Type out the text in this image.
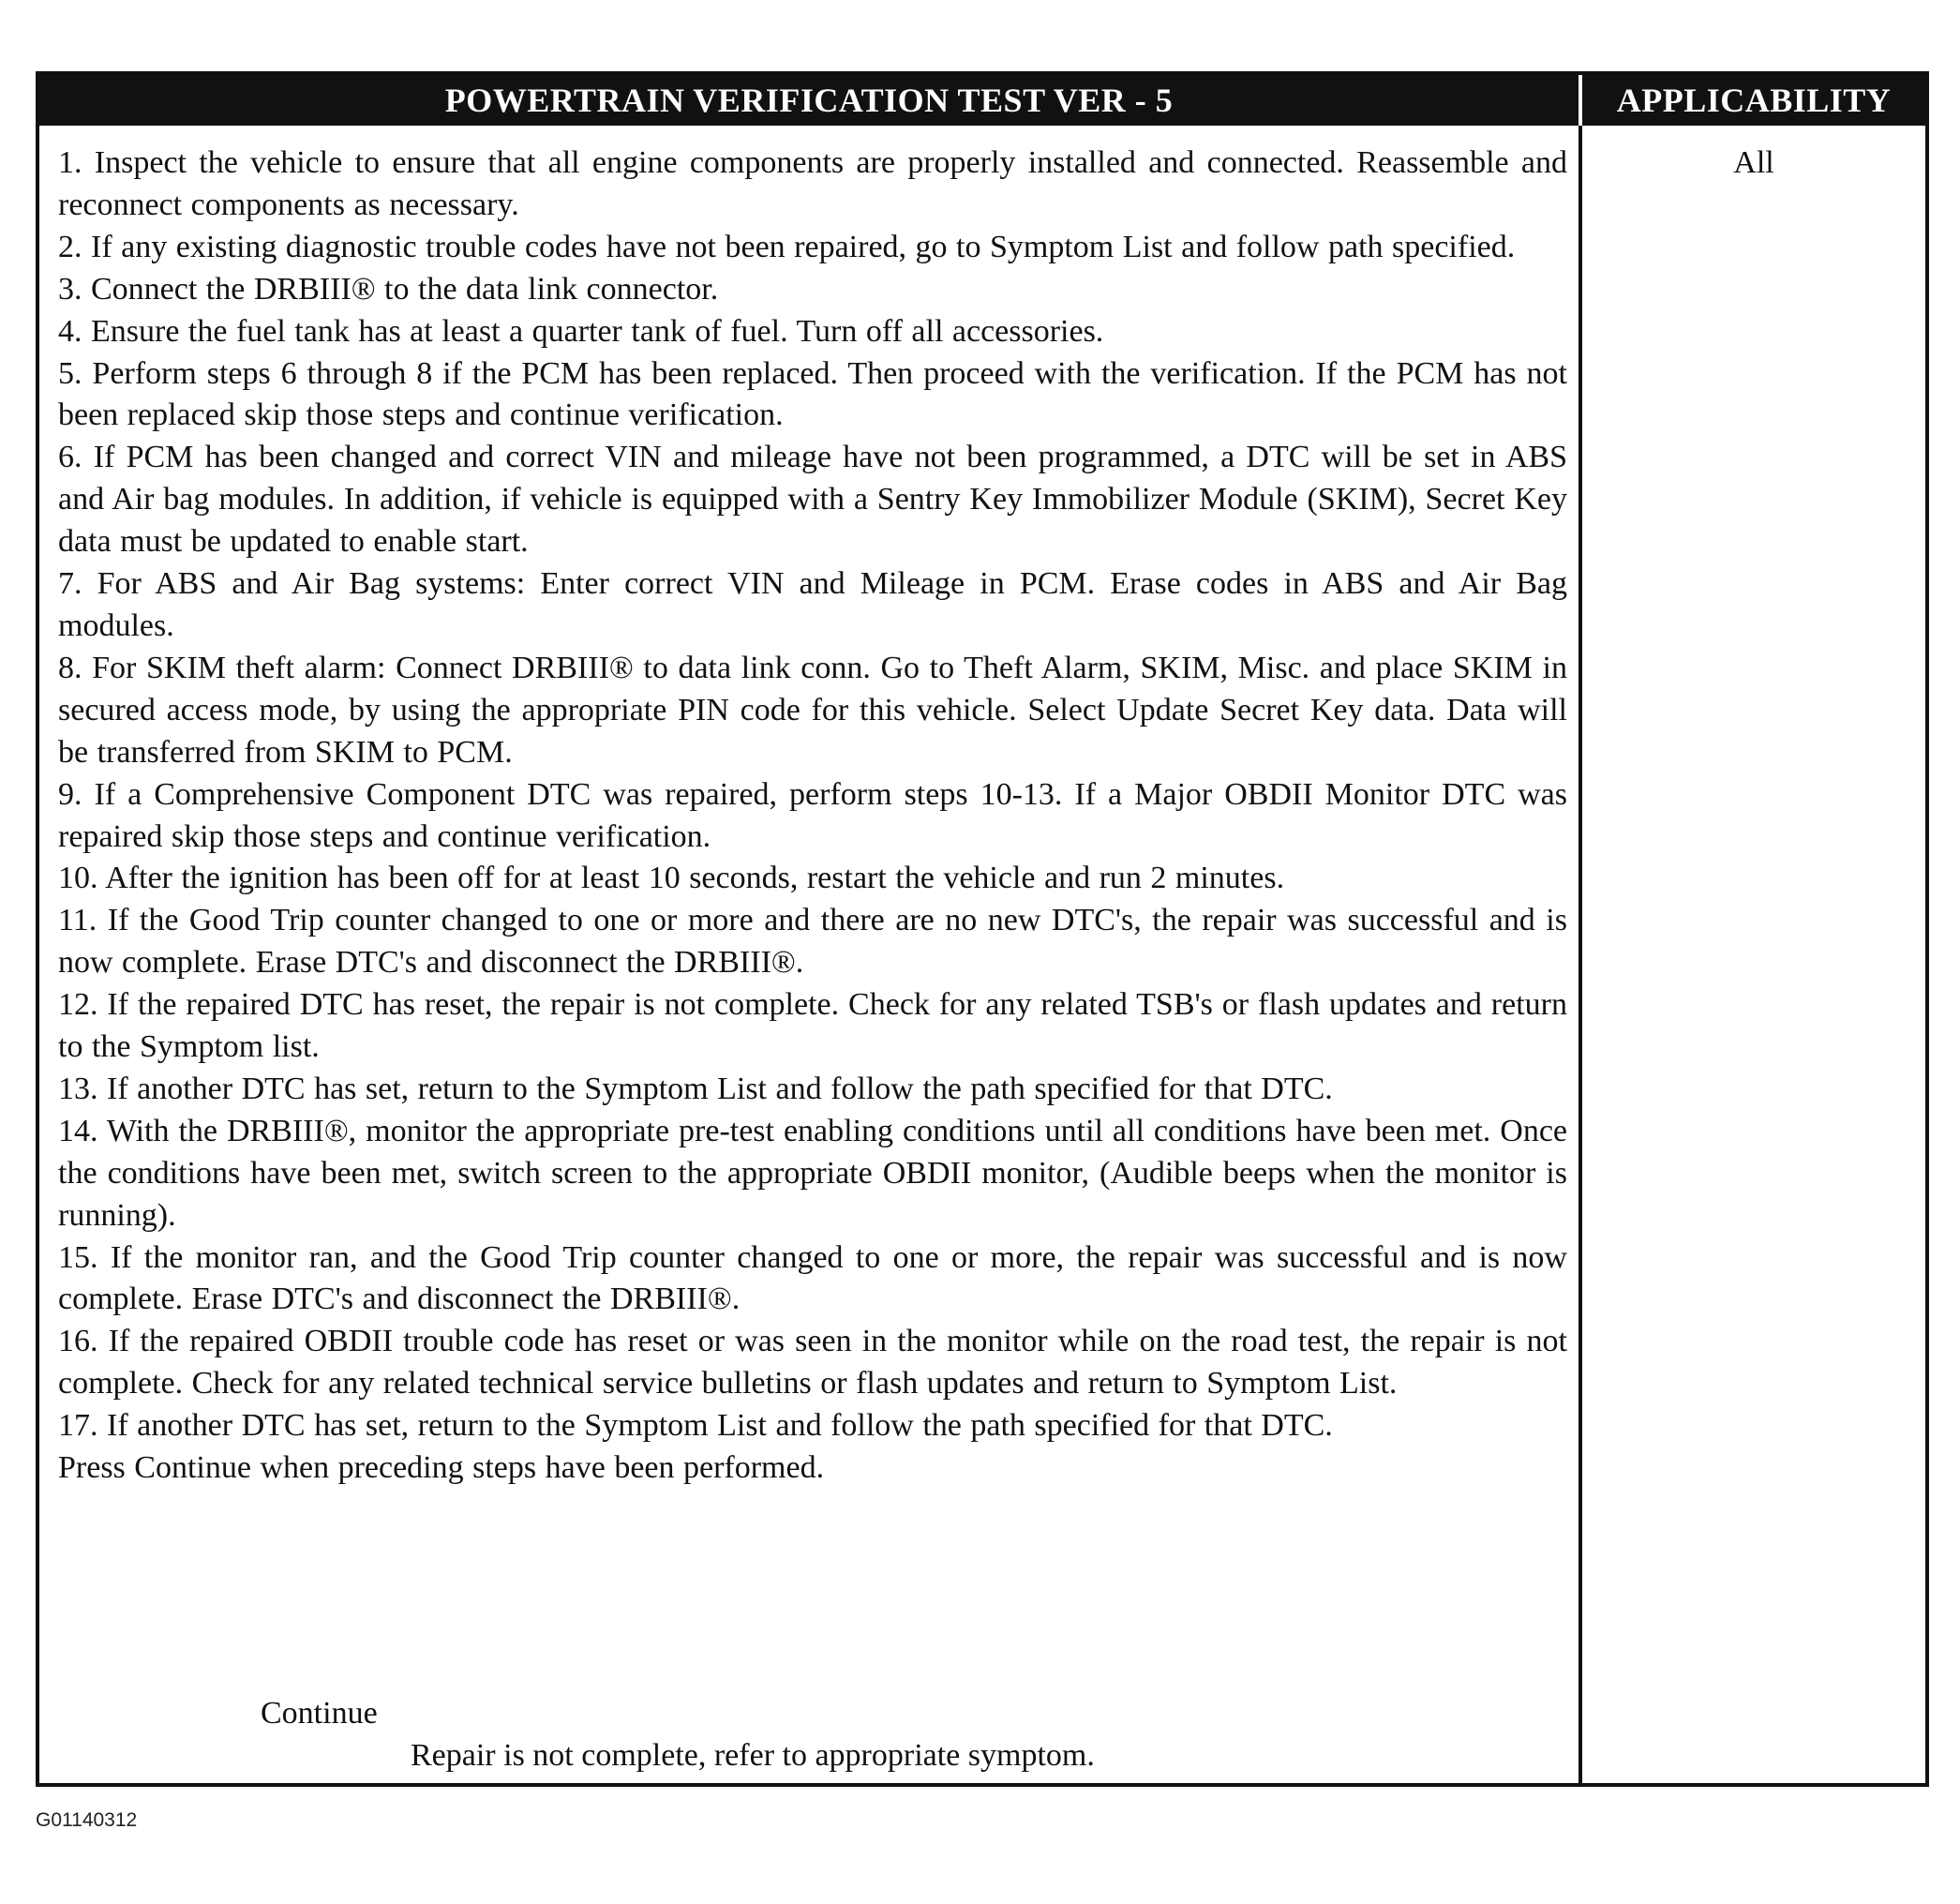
POWERTRAIN VERIFICATION TEST VER - 5	APPLICABILITY

1. Inspect the vehicle to ensure that all engine components are properly installed and connected. Reassemble and reconnect components as necessary.

2. If any existing diagnostic trouble codes have not been repaired, go to Symptom List and follow path specified.

3. Connect the DRBIII® to the data link connector.

4. Ensure the fuel tank has at least a quarter tank of fuel. Turn off all accessories.

5. Perform steps 6 through 8 if the PCM has been replaced. Then proceed with the verification. If the PCM has not been replaced skip those steps and continue verification.

6. If PCM has been changed and correct VIN and mileage have not been programmed, a DTC will be set in ABS and Air bag modules. In addition, if vehicle is equipped with a Sentry Key Immobilizer Module (SKIM), Secret Key data must be updated to enable start.

7. For ABS and Air Bag systems: Enter correct VIN and Mileage in PCM. Erase codes in ABS and Air Bag modules.

8. For SKIM theft alarm: Connect DRBIII® to data link conn. Go to Theft Alarm, SKIM, Misc. and place SKIM in secured access mode, by using the appropriate PIN code for this vehicle. Select Update Secret Key data. Data will be transferred from SKIM to PCM.

9. If a Comprehensive Component DTC was repaired, perform steps 10-13. If a Major OBDII Monitor DTC was repaired skip those steps and continue verification.

10. After the ignition has been off for at least 10 seconds, restart the vehicle and run 2 minutes.

11. If the Good Trip counter changed to one or more and there are no new DTC's, the repair was successful and is now complete. Erase DTC's and disconnect the DRBIII®.

12. If the repaired DTC has reset, the repair is not complete. Check for any related TSB's or flash updates and return to the Symptom list.

13. If another DTC has set, return to the Symptom List and follow the path specified for that DTC.

14. With the DRBIII®, monitor the appropriate pre-test enabling conditions until all conditions have been met. Once the conditions have been met, switch screen to the appropriate OBDII monitor, (Audible beeps when the monitor is running).

15. If the monitor ran, and the Good Trip counter changed to one or more, the repair was successful and is now complete. Erase DTC's and disconnect the DRBIII®.

16. If the repaired OBDII trouble code has reset or was seen in the monitor while on the road test, the repair is not complete. Check for any related technical service bulletins or flash updates and return to Symptom List.

17. If another DTC has set, return to the Symptom List and follow the path specified for that DTC.

Press Continue when preceding steps have been performed.

Continue
Repair is not complete, refer to appropriate symptom.
All
G01140312
